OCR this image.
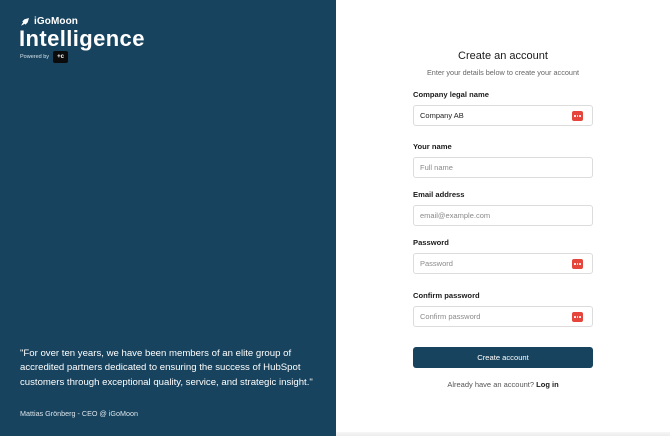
iGoMoon
Intelligence
Powered by +c
"For over ten years, we have been members of an elite group of accredited partners dedicated to ensuring the success of HubSpot customers through exceptional quality, service, and strategic insight."
Mattias Grönberg - CEO @ iGoMoon
Create an account
Enter your details below to create your account
Company legal name
Company AB
Your name
Full name
Email address
email@example.com
Password
Password
Confirm password
Confirm password
Create account
Already have an account? Log in
